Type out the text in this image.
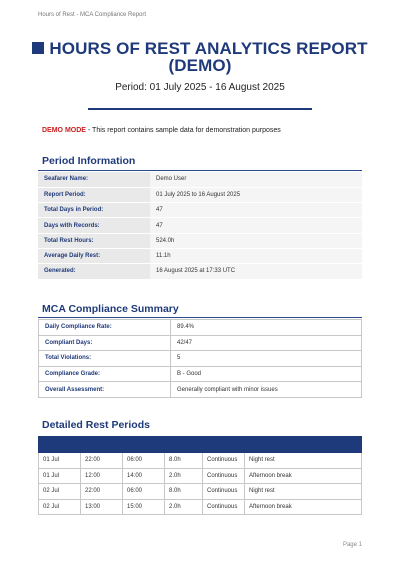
Hours of Rest - MCA Compliance Report
HOURS OF REST ANALYTICS REPORT (DEMO)
Period: 01 July 2025 - 16 August 2025
DEMO MODE - This report contains sample data for demonstration purposes
Period Information
Seafarer Name:	Demo User
Report Period:	01 July 2025 to 16 August 2025
Total Days in Period:	47
Days with Records:	47
Total Rest Hours:	524.0h
Average Daily Rest:	11.1h
Generated:	16 August 2025 at 17:33 UTC
MCA Compliance Summary
Daily Compliance Rate:	89.4%
Compliant Days:	42/47
Total Violations:	5
Compliance Grade:	B - Good
Overall Assessment:	Generally compliant with minor issues
Detailed Rest Periods

01 Jul	22:00	06:00	8.0h	Continuous	Night rest
01 Jul	12:00	14:00	2.0h	Continuous	Afternoon break
02 Jul	22:00	06:00	8.0h	Continuous	Night rest
02 Jul	13:00	15:00	2.0h	Continuous	Afternoon break
Page 1
